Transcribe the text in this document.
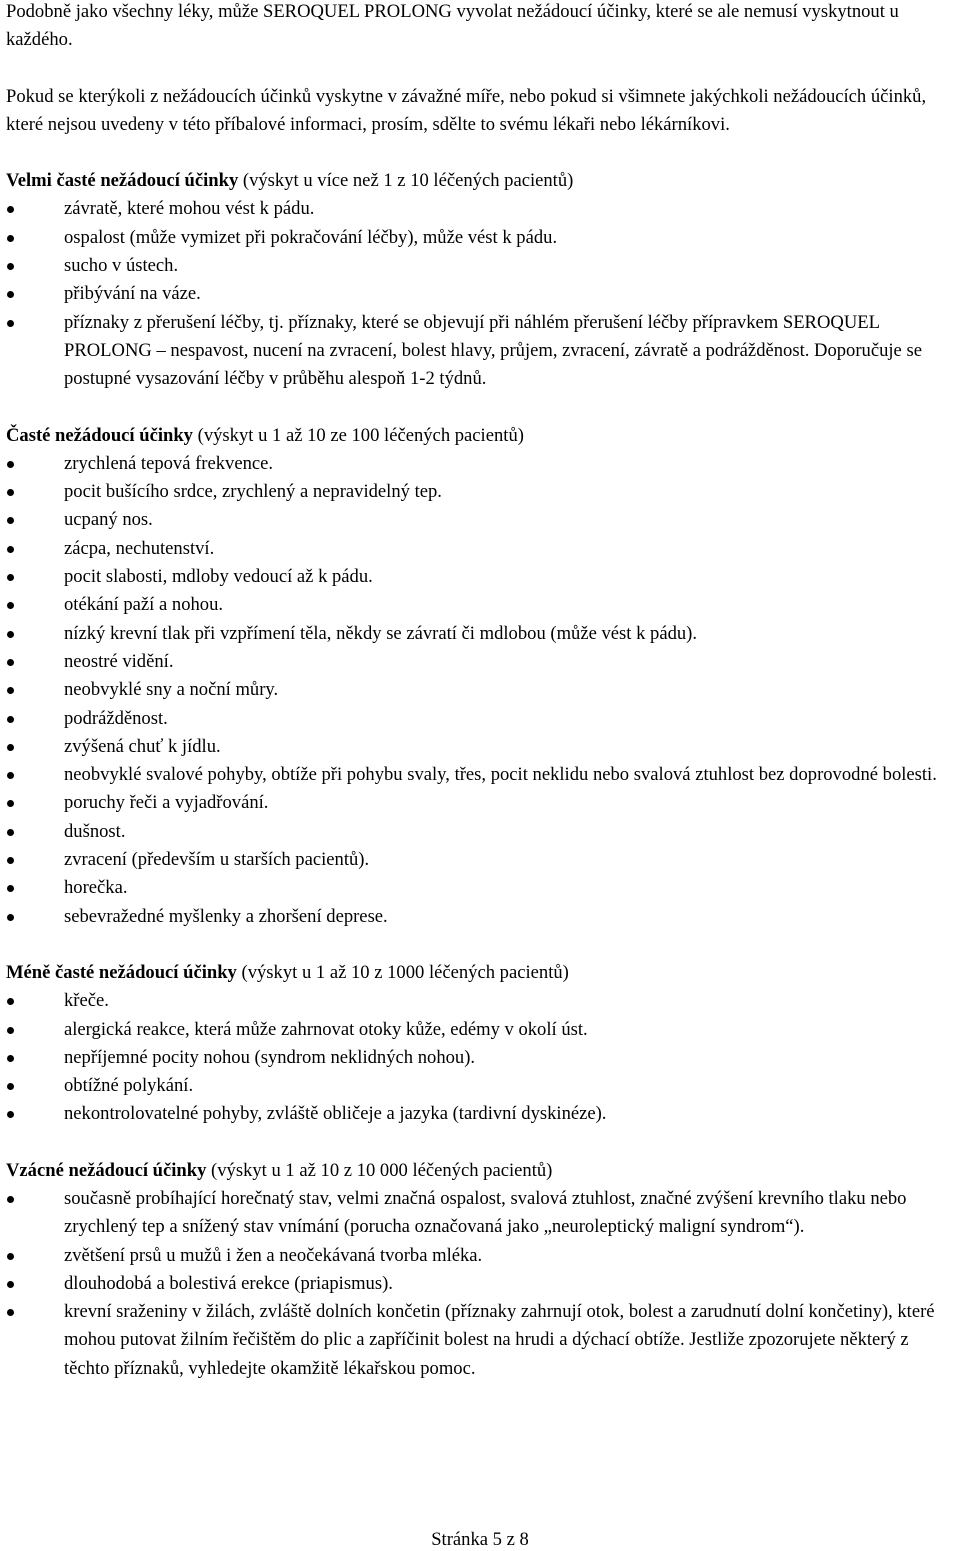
Podobně jako všechny léky, může SEROQUEL PROLONG vyvolat nežádoucí účinky, které se ale nemusí vyskytnout u každého.

Pokud se kterýkoli z nežádoucích účinků vyskytne v závažné míře, nebo pokud si všimnete jakýchkoli nežádoucích účinků, které nejsou uvedeny v této příbalové informaci, prosím, sdělte to svému lékaři nebo lékárníkovi.

Velmi časté nežádoucí účinky (výskyt u více než 1 z 10 léčených pacientů)

závratě, které mohou vést k pádu.
ospalost (může vymizet při pokračování léčby), může vést k pádu.
sucho v ústech.
přibývání na váze.
příznaky z přerušení léčby, tj. příznaky, které se objevují při náhlém přerušení léčby přípravkem SEROQUEL PROLONG – nespavost, nucení na zvracení, bolest hlavy, průjem, zvracení, závratě a podrážděnost. Doporučuje se postupné vysazování léčby v průběhu alespoň 1-2 týdnů.

Časté nežádoucí účinky (výskyt u 1 až 10 ze 100 léčených pacientů)

zrychlená tepová frekvence.
pocit bušícího srdce, zrychlený a nepravidelný tep.
ucpaný nos.
zácpa, nechutenství.
pocit slabosti, mdloby vedoucí až k pádu.
otékání paží a nohou.
nízký krevní tlak při vzpřímení těla, někdy se závratí či mdlobou (může vést k pádu).
neostré vidění.
neobvyklé sny a noční můry.
podrážděnost.
zvýšená chuť k jídlu.
neobvyklé svalové pohyby, obtíže při pohybu svaly, třes, pocit neklidu nebo svalová ztuhlost bez doprovodné bolesti.
poruchy řeči a vyjadřování.
dušnost.
zvracení (především u starších pacientů).
horečka.
sebevražedné myšlenky a zhoršení deprese.

Méně časté nežádoucí účinky (výskyt u 1 až 10 z 1000 léčených pacientů)

křeče.
alergická reakce, která může zahrnovat otoky kůže, edémy v okolí úst.
nepříjemné pocity nohou (syndrom neklidných nohou).
obtížné polykání.
nekontrolovatelné pohyby, zvláště obličeje a jazyka (tardivní dyskinéze).

Vzácné nežádoucí účinky (výskyt u 1 až 10 z 10 000 léčených pacientů)

současně probíhající horečnatý stav, velmi značná ospalost, svalová ztuhlost, značné zvýšení krevního tlaku nebo zrychlený tep a snížený stav vnímání (porucha označovaná jako „neuroleptický maligní syndrom“).
zvětšení prsů u mužů i žen a neočekávaná tvorba mléka.
dlouhodobá a bolestivá erekce (priapismus).
krevní sraženiny v žilách, zvláště dolních končetin (příznaky zahrnují otok, bolest a zarudnutí dolní končetiny), které mohou putovat žilním řečištěm do plic a zapříčinit bolest na hrudi a dýchací obtíže. Jestliže zpozorujete některý z těchto příznaků, vyhledejte okamžitě lékařskou pomoc.
Stránka 5 z 8
